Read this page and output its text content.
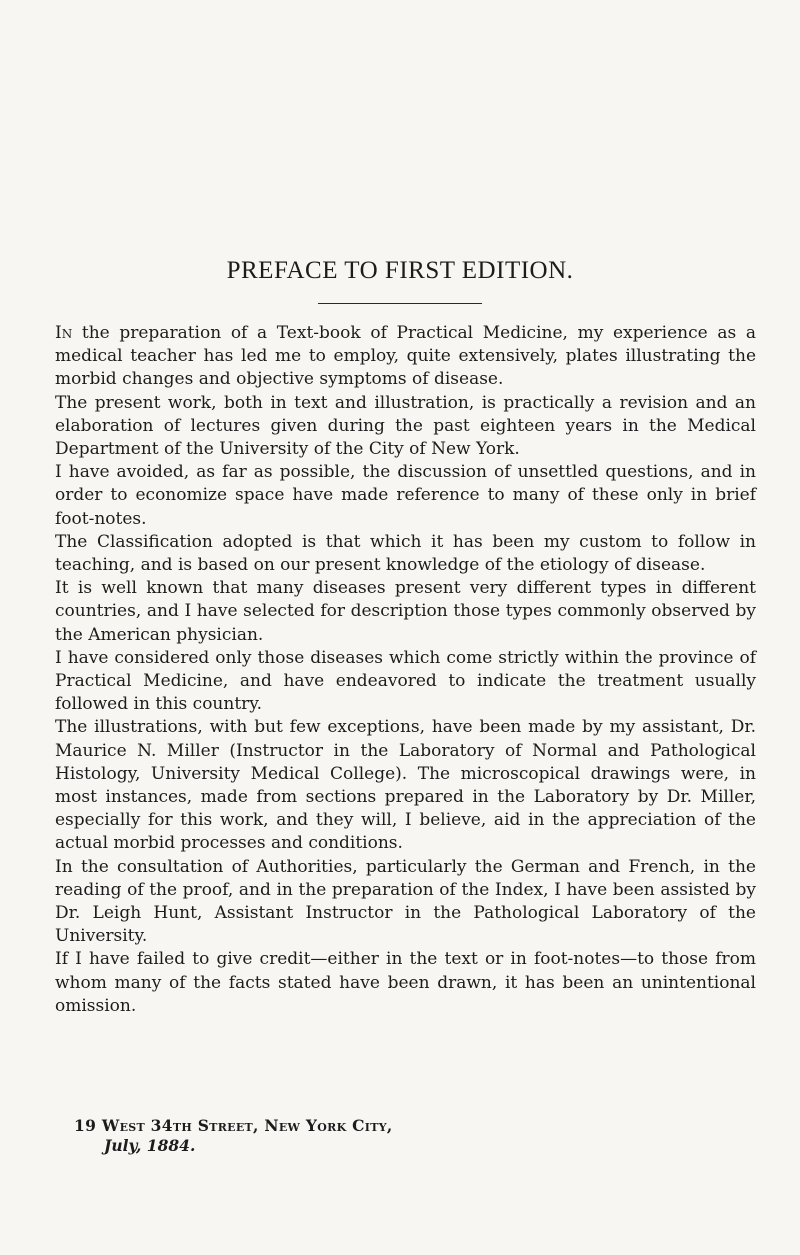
PREFACE TO FIRST EDITION.

In the preparation of a Text-book of Practical Medicine, my experience as a medical teacher has led me to employ, quite extensively, plates illustrating the morbid changes and objective symptoms of disease.

The present work, both in text and illustration, is practically a revision and an elaboration of lectures given during the past eighteen years in the Medical Department of the University of the City of New York.

I have avoided, as far as possible, the discussion of unsettled questions, and in order to economize space have made reference to many of these only in brief foot-notes.

The Classification adopted is that which it has been my custom to follow in teaching, and is based on our present knowledge of the etiology of disease.

It is well known that many diseases present very different types in different countries, and I have selected for description those types commonly observed by the American physician.

I have considered only those diseases which come strictly within the province of Practical Medicine, and have endeavored to indicate the treatment usually followed in this country.

The illustrations, with but few exceptions, have been made by my assistant, Dr. Maurice N. Miller (Instructor in the Laboratory of Normal and Pathological Histology, University Medical College). The microscopical drawings were, in most instances, made from sections prepared in the Laboratory by Dr. Miller, especially for this work, and they will, I believe, aid in the appreciation of the actual morbid processes and conditions.

In the consultation of Authorities, particularly the German and French, in the reading of the proof, and in the preparation of the Index, I have been assisted by Dr. Leigh Hunt, Assistant Instructor in the Pathological Laboratory of the University.

If I have failed to give credit—either in the text or in foot-notes—to those from whom many of the facts stated have been drawn, it has been an unintentional omission.

19 West 34th Street, New York City,
July, 1884.
